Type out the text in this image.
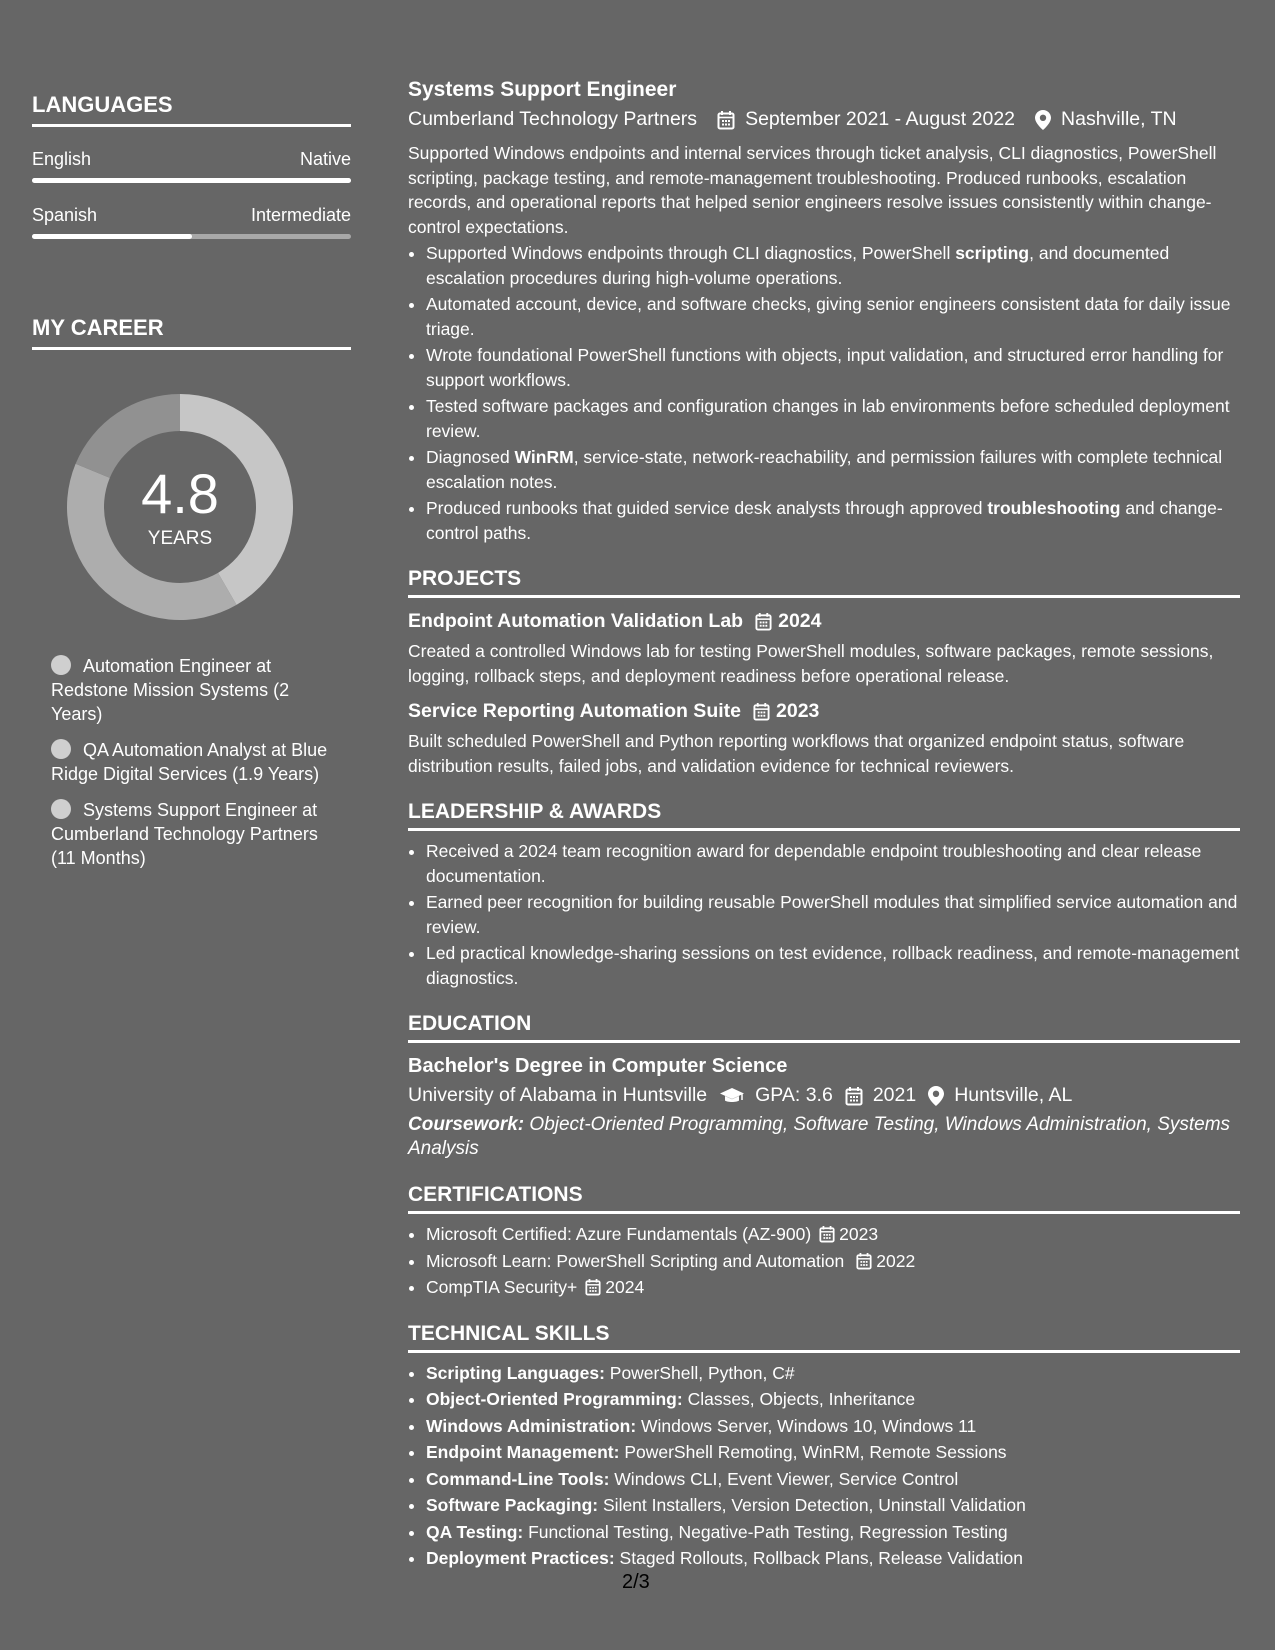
LANGUAGES
English	Native
Spanish	Intermediate
MY CAREER
4.8
YEARS
Automation Engineer at Redstone Mission Systems (2 Years)
QA Automation Analyst at Blue Ridge Digital Services (1.9 Years)
Systems Support Engineer at Cumberland Technology Partners (11 Months)
Systems Support Engineer
Cumberland Technology Partners September 2021 - August 2022 Nashville, TN

Supported Windows endpoints and internal services through ticket analysis, CLI diagnostics, PowerShell scripting, package testing, and remote-management troubleshooting. Produced runbooks, escalation records, and operational reports that helped senior engineers resolve issues consistently within change-control expectations.

• Supported Windows endpoints through CLI diagnostics, PowerShell scripting, and documented escalation procedures during high-volume operations.
• Automated account, device, and software checks, giving senior engineers consistent data for daily issue triage.
• Wrote foundational PowerShell functions with objects, input validation, and structured error handling for support workflows.
• Tested software packages and configuration changes in lab environments before scheduled deployment review.
• Diagnosed WinRM, service-state, network-reachability, and permission failures with complete technical escalation notes.
• Produced runbooks that guided service desk analysts through approved troubleshooting and change-control paths.
PROJECTS
Endpoint Automation Validation Lab 2024
Created a controlled Windows lab for testing PowerShell modules, software packages, remote sessions, logging, rollback steps, and deployment readiness before operational release.
Service Reporting Automation Suite 2023
Built scheduled PowerShell and Python reporting workflows that organized endpoint status, software distribution results, failed jobs, and validation evidence for technical reviewers.
LEADERSHIP & AWARDS
• Received a 2024 team recognition award for dependable endpoint troubleshooting and clear release documentation.
• Earned peer recognition for building reusable PowerShell modules that simplified service automation and review.
• Led practical knowledge-sharing sessions on test evidence, rollback readiness, and remote-management diagnostics.
EDUCATION
Bachelor's Degree in Computer Science
University of Alabama in Huntsville GPA: 3.6 2021 Huntsville, AL
Coursework: Object-Oriented Programming, Software Testing, Windows Administration, Systems Analysis
CERTIFICATIONS
• Microsoft Certified: Azure Fundamentals (AZ-900) 2023
• Microsoft Learn: PowerShell Scripting and Automation 2022
• CompTIA Security+ 2024
TECHNICAL SKILLS
• Scripting Languages: PowerShell, Python, C#
• Object-Oriented Programming: Classes, Objects, Inheritance
• Windows Administration: Windows Server, Windows 10, Windows 11
• Endpoint Management: PowerShell Remoting, WinRM, Remote Sessions
• Command-Line Tools: Windows CLI, Event Viewer, Service Control
• Software Packaging: Silent Installers, Version Detection, Uninstall Validation
• QA Testing: Functional Testing, Negative-Path Testing, Regression Testing
• Deployment Practices: Staged Rollouts, Rollback Plans, Release Validation
2/3
